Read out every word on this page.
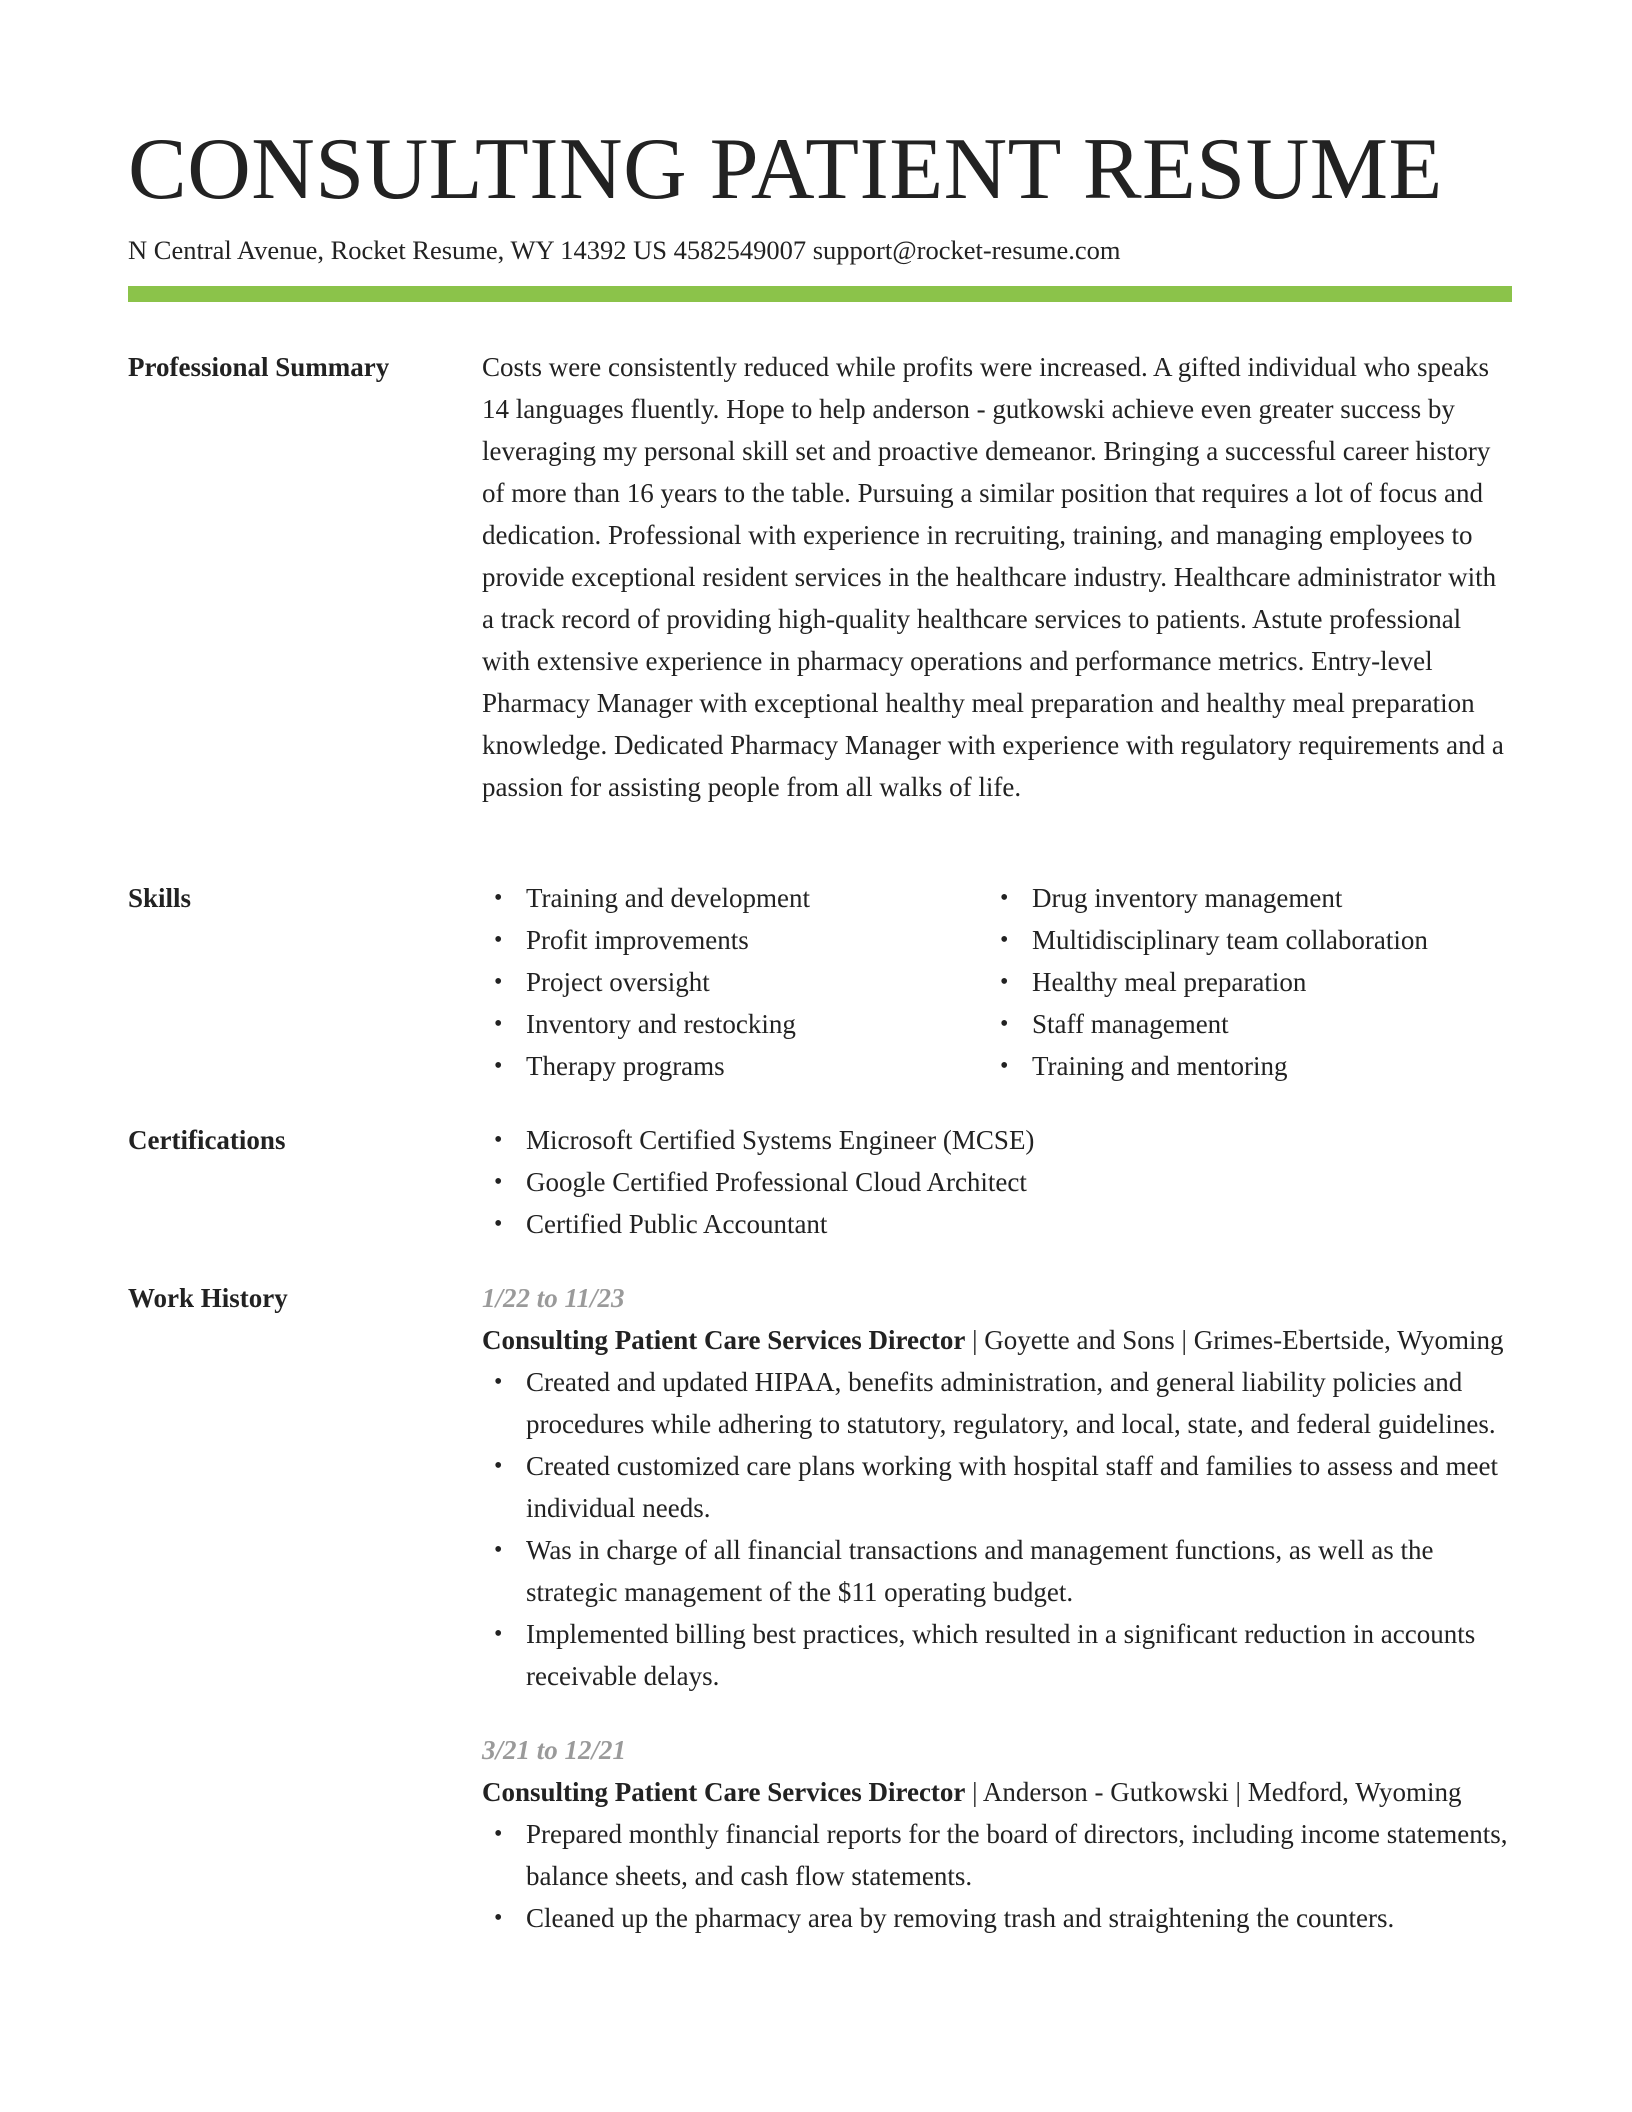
CONSULTING PATIENT RESUME
N Central Avenue, Rocket Resume, WY 14392 US 4582549007 support@rocket-resume.com
Professional Summary	Costs were consistently reduced while profits were increased. A gifted individual who speaks 14 languages fluently. Hope to help anderson - gutkowski achieve even greater success by leveraging my personal skill set and proactive demeanor. Bringing a successful career history of more than 16 years to the table. Pursuing a similar position that requires a lot of focus and dedication. Professional with experience in recruiting, training, and managing employees to provide exceptional resident services in the healthcare industry. Healthcare administrator with a track record of providing high-quality healthcare services to patients. Astute professional with extensive experience in pharmacy operations and performance metrics. Entry-level Pharmacy Manager with exceptional healthy meal preparation and healthy meal preparation knowledge. Dedicated Pharmacy Manager with experience with regulatory requirements and a passion for assisting people from all walks of life.

Skills	• Training and development
• Profit improvements
• Project oversight
• Inventory and restocking
• Therapy programs
• Drug inventory management
• Multidisciplinary team collaboration
• Healthy meal preparation
• Staff management
• Training and mentoring
Certifications	• Microsoft Certified Systems Engineer (MCSE)
• Google Certified Professional Cloud Architect
• Certified Public Accountant
Work History	1/22 to 11/23
Consulting Patient Care Services Director | Goyette and Sons | Grimes-Ebertside, Wyoming
• Created and updated HIPAA, benefits administration, and general liability policies and procedures while adhering to statutory, regulatory, and local, state, and federal guidelines.
• Created customized care plans working with hospital staff and families to assess and meet individual needs.
• Was in charge of all financial transactions and management functions, as well as the strategic management of the $11 operating budget.
• Implemented billing best practices, which resulted in a significant reduction in accounts receivable delays.
3/21 to 12/21
Consulting Patient Care Services Director | Anderson - Gutkowski | Medford, Wyoming
• Prepared monthly financial reports for the board of directors, including income statements, balance sheets, and cash flow statements.
• Cleaned up the pharmacy area by removing trash and straightening the counters.
